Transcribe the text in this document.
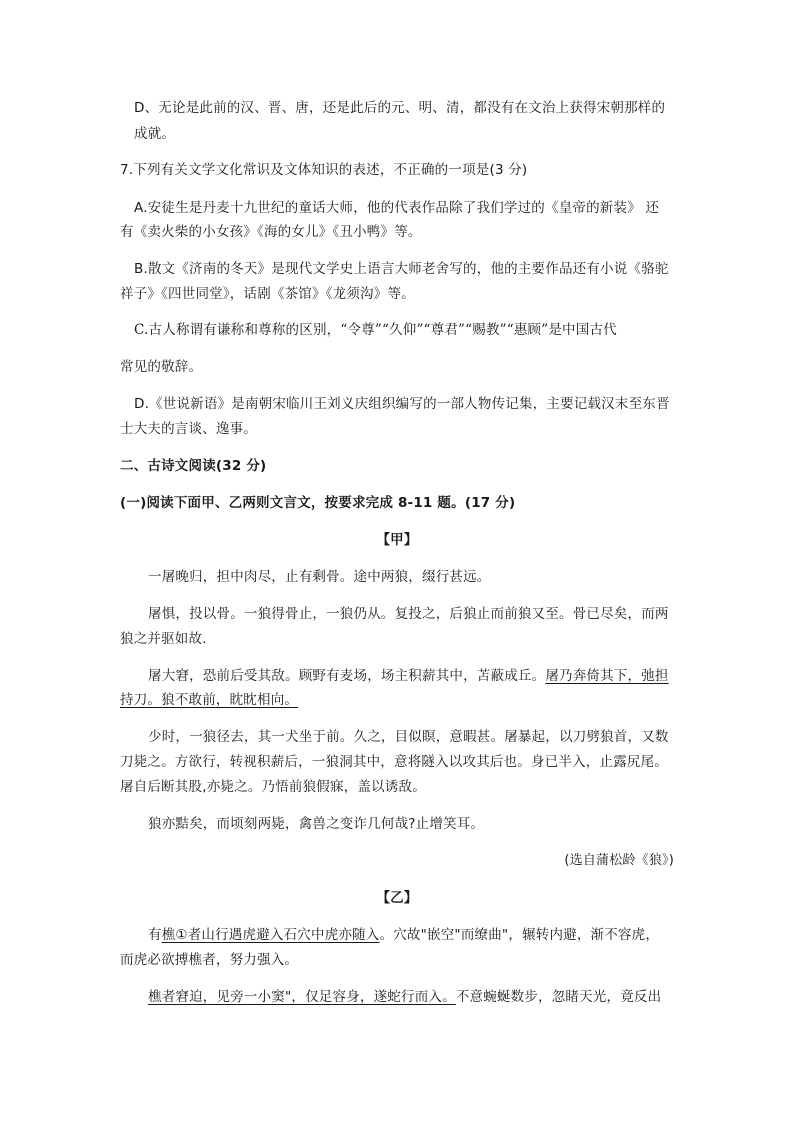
D、无论是此前的汉、晋、唐，还是此后的元、明、清，都没有在文治上获得宋朝那样的
成就。
7.下列有关文学文化常识及文体知识的表述，不正确的一项是(3 分)
A.安徒生是丹麦十九世纪的童话大师，他的代表作品除了我们学过的《皇帝的新装》 还
有《卖火柴的小女孩》《海的女儿》《丑小鸭》等。
B.散文《济南的冬天》是现代文学史上语言大师老舍写的，他的主要作品还有小说《骆驼
祥子》《四世同堂》，话剧《茶馆》《龙须沟》等。
C.古人称谓有谦称和尊称的区别，“令尊”“久仰”“尊君”“赐教”“惠顾”是中国古代
常见的敬辞。
D.《世说新语》是南朝宋临川王刘义庆组织编写的一部人物传记集，主要记载汉末至东晋
士大夫的言谈、逸事。
二、古诗文阅读(32 分)
(一)阅读下面甲、乙两则文言文，按要求完成 8-11 题。(17 分)
【甲】
一屠晚归，担中肉尽，止有剩骨。途中两狼，缀行甚远。
屠惧，投以骨。一狼得骨止，一狼仍从。复投之，后狼止而前狼又至。骨已尽矣，而两
狼之并驱如故.
屠大窘，恐前后受其敌。顾野有麦场，场主积薪其中，苫蔽成丘。屠乃奔倚其下，弛担
持刀。狼不敢前，眈眈相向。
少时，一狼径去，其一犬坐于前。久之，目似瞑，意暇甚。屠暴起，以刀劈狼首，又数
刀毙之。方欲行，转视积薪后，一狼洞其中，意将隧入以攻其后也。身已半入，止露尻尾。
屠自后断其股,亦毙之。乃悟前狼假寐，盖以诱敌。
狼亦黠矣，而顷刻两毙，禽兽之变诈几何哉?止增笑耳。
(选自蒲松龄《狼》)
【乙】
有樵①者山行遇虎避入石穴中虎亦随入。穴故"嵌空"而缭曲"，辗转内避，渐不容虎，
而虎必欲搏樵者，努力强入。
樵者窘迫，见旁一小窦"，仅足容身，遂蛇行而入。不意蜿蜒数步，忽睹天光，竟反出
